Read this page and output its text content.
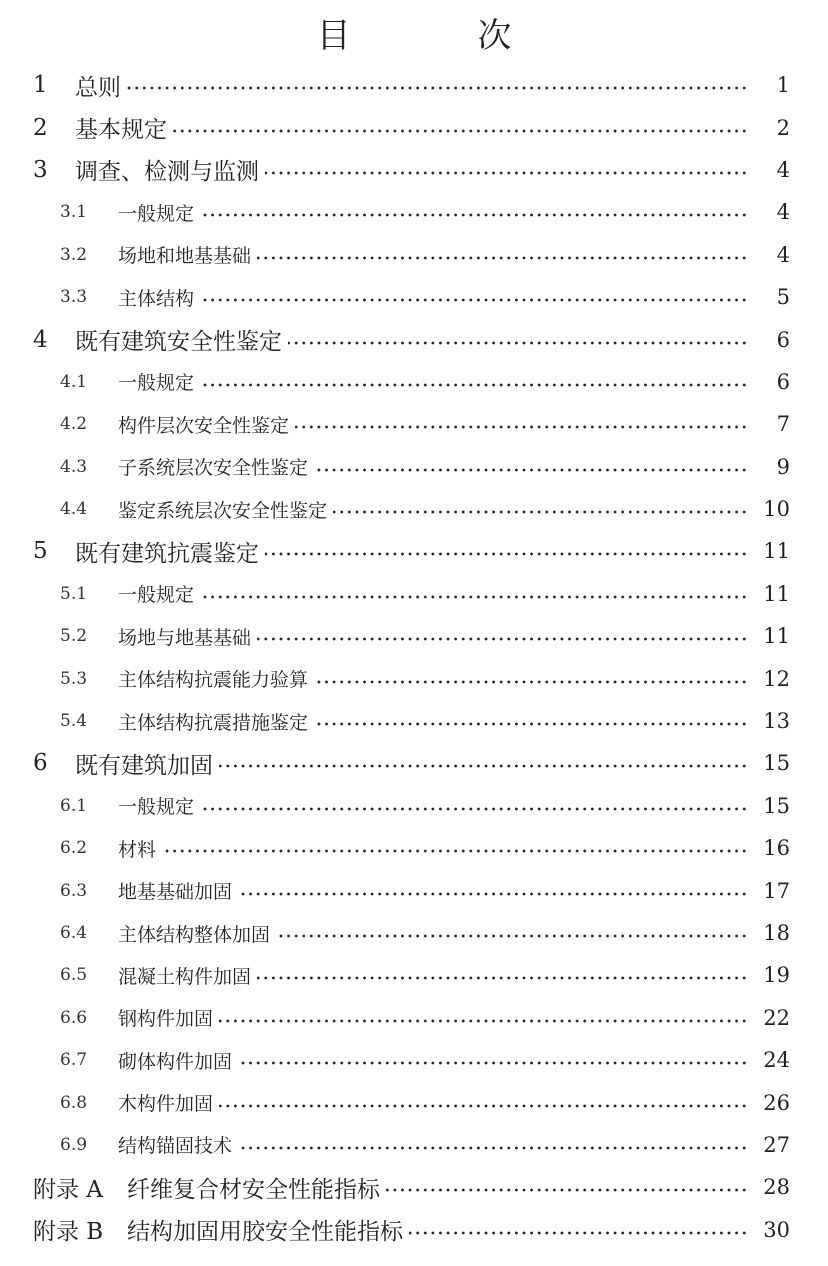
目 次
1	总则	1
2	基本规定	2
3	调查、检测与监测	4
3.1	一般规定	4
3.2	场地和地基基础	4
3.3	主体结构	5
4	既有建筑安全性鉴定	6
4.1	一般规定	6
4.2	构件层次安全性鉴定	7
4.3	子系统层次安全性鉴定	9
4.4	鉴定系统层次安全性鉴定	10
5	既有建筑抗震鉴定	11
5.1	一般规定	11
5.2	场地与地基基础	11
5.3	主体结构抗震能力验算	12
5.4	主体结构抗震措施鉴定	13
6	既有建筑加固	15
6.1	一般规定	15
6.2	材料	16
6.3	地基基础加固	17
6.4	主体结构整体加固	18
6.5	混凝土构件加固	19
6.6	钢构件加固	22
6.7	砌体构件加固	24
6.8	木构件加固	26
6.9	结构锚固技术	27
附录 A	纤维复合材安全性能指标	28
附录 B	结构加固用胶安全性能指标	30
